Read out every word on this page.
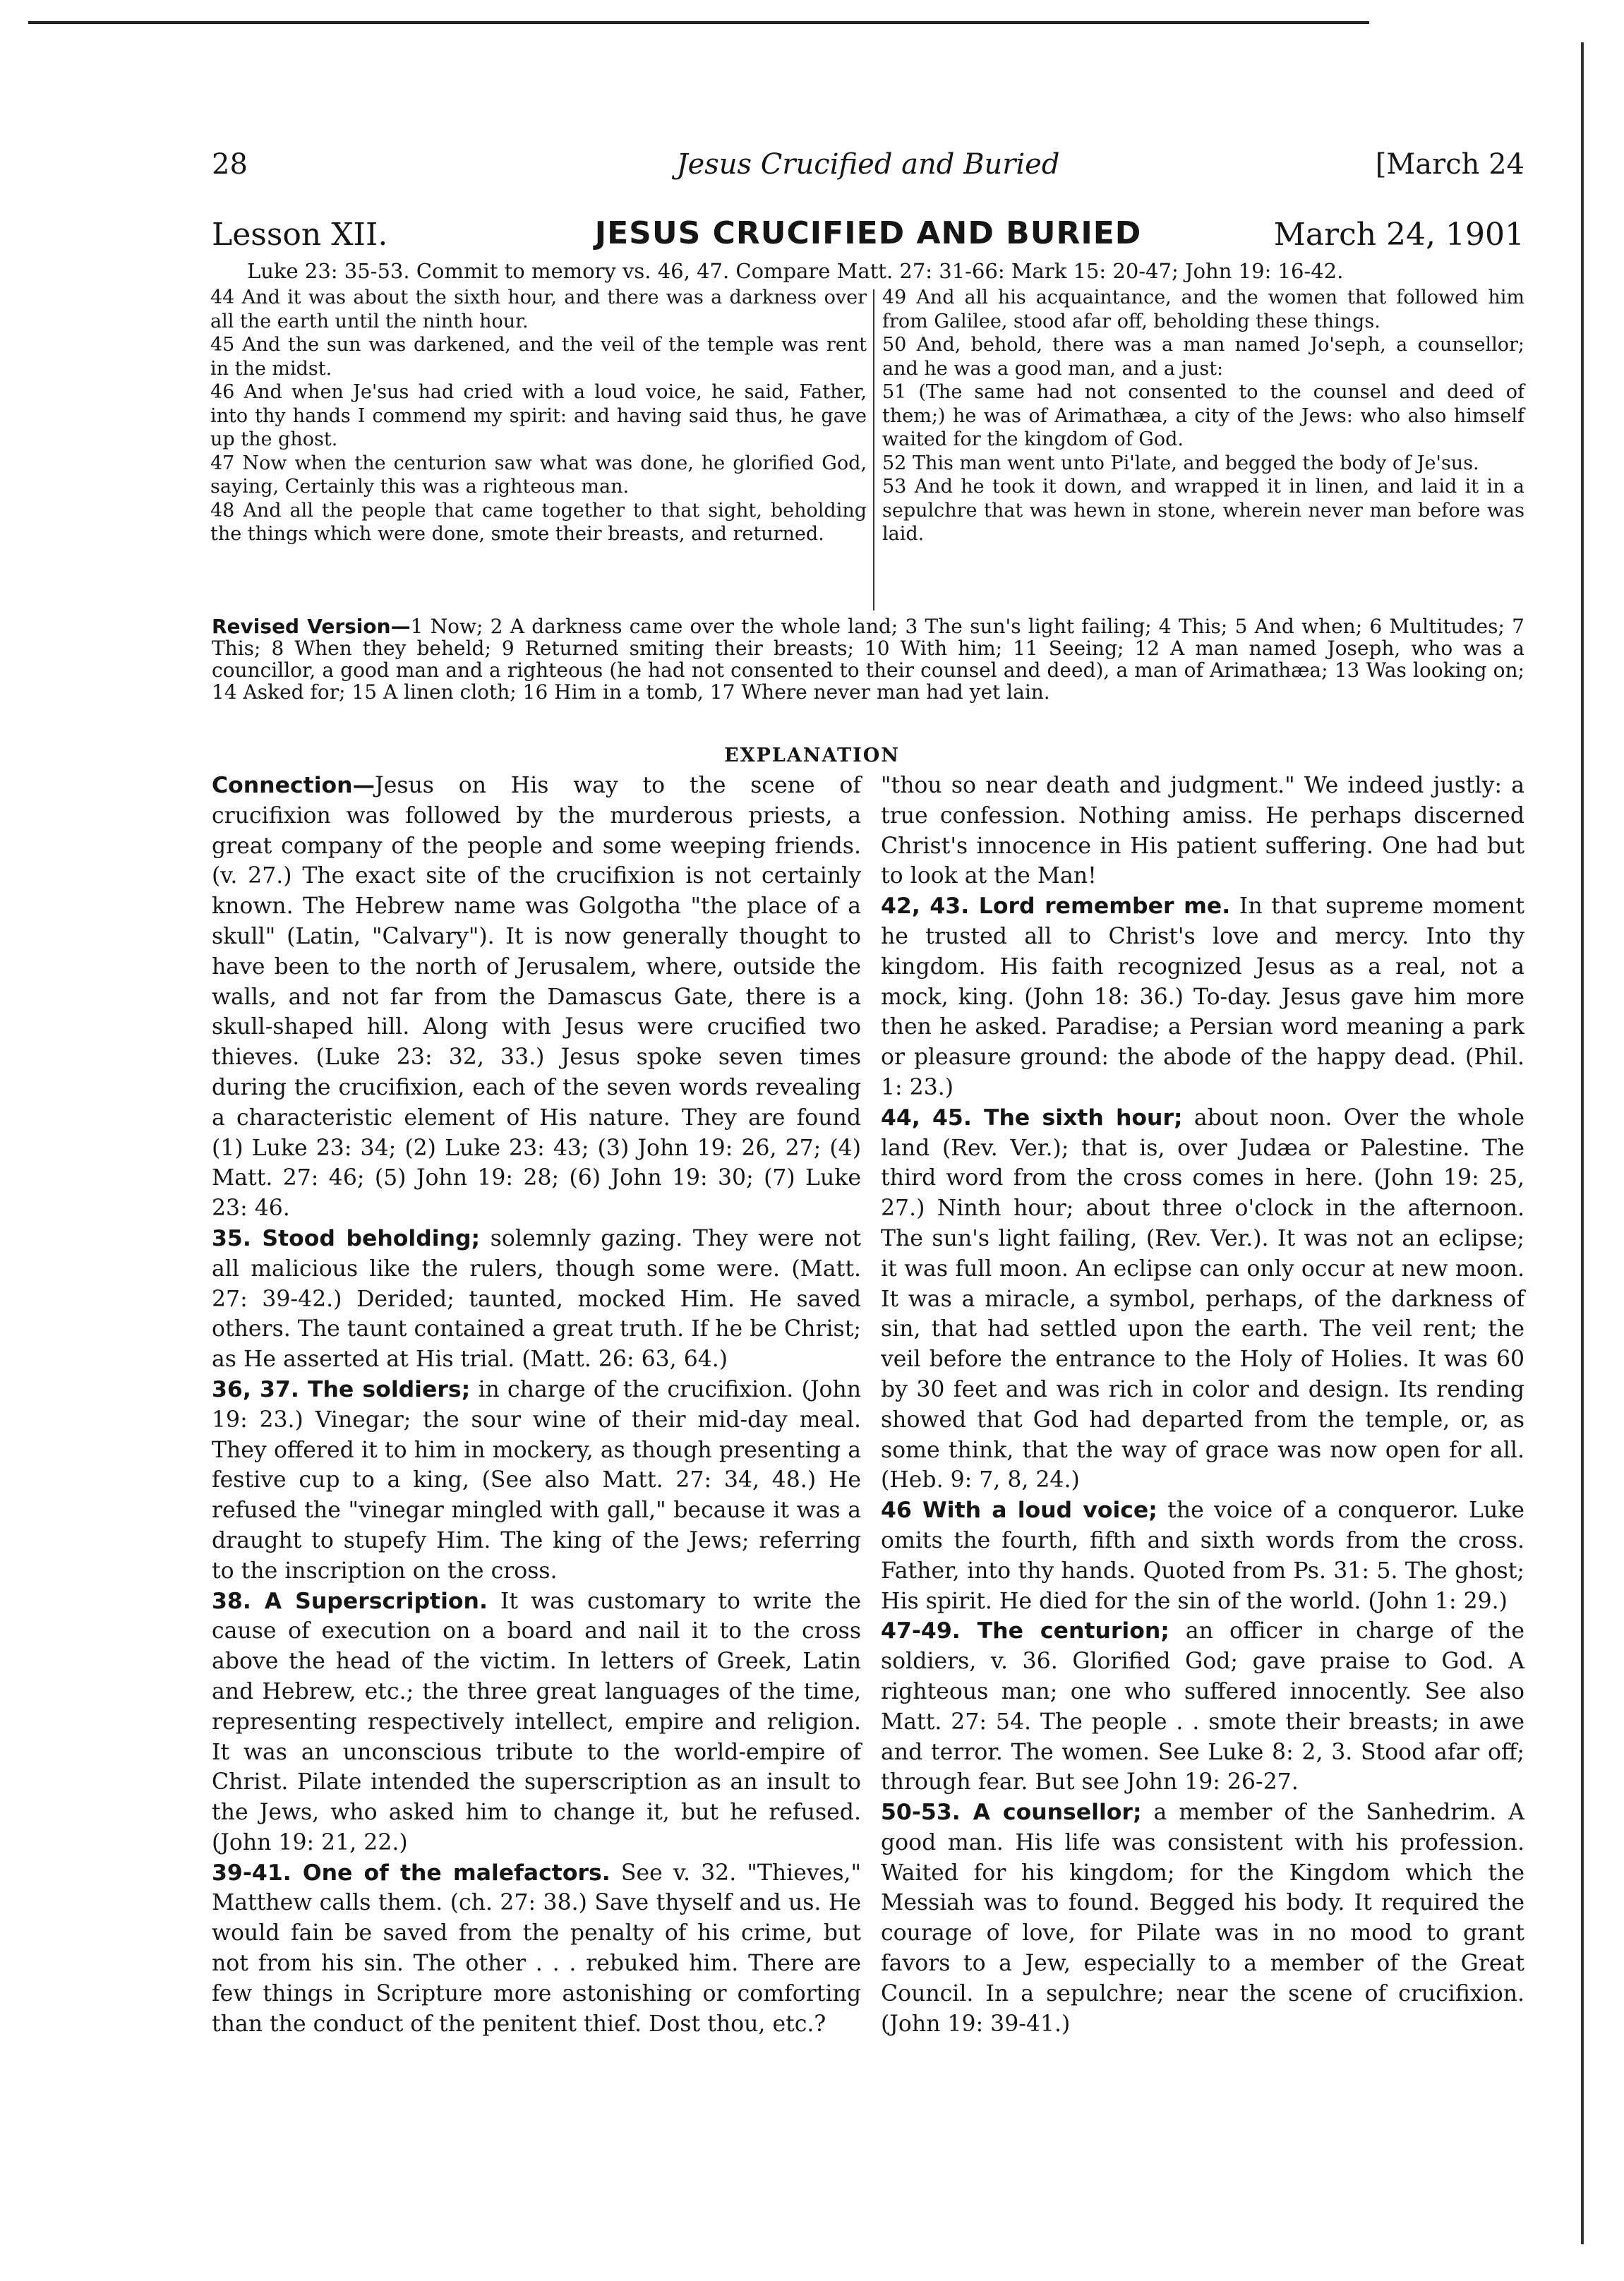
28	Jesus Crucified and Buried	[March 24
Lesson XII.	JESUS CRUCIFIED AND BURIED	March 24, 1901
Luke 23: 35-53. Commit to memory vs. 46, 47. Compare Matt. 27: 31-66: Mark 15: 20-47; John 19: 16-42.

44 And it was about the sixth hour, and there was a darkness over all the earth until the ninth hour.

45 And the sun was darkened, and the veil of the temple was rent in the midst.

46 And when Je'sus had cried with a loud voice, he said, Father, into thy hands I commend my spirit: and having said thus, he gave up the ghost.

47 Now when the centurion saw what was done, he glorified God, saying, Certainly this was a righteous man.

48 And all the people that came together to that sight, beholding the things which were done, smote their breasts, and returned.

49 And all his acquaintance, and the women that followed him from Galilee, stood afar off, beholding these things.

50 And, behold, there was a man named Jo'seph, a counsellor; and he was a good man, and a just:

51 (The same had not consented to the counsel and deed of them;) he was of Arimathæa, a city of the Jews: who also himself waited for the kingdom of God.

52 This man went unto Pi'late, and begged the body of Je'sus.

53 And he took it down, and wrapped it in linen, and laid it in a sepulchre that was hewn in stone, wherein never man before was laid.

Revised Version—1 Now; 2 A darkness came over the whole land; 3 The sun's light failing; 4 This; 5 And when; 6 Multitudes; 7 This; 8 When they beheld; 9 Returned smiting their breasts; 10 With him; 11 Seeing; 12 A man named Joseph, who was a councillor, a good man and a righteous (he had not consented to their counsel and deed), a man of Arimathæa; 13 Was looking on; 14 Asked for; 15 A linen cloth; 16 Him in a tomb, 17 Where never man had yet lain.
EXPLANATION

Connection—Jesus on His way to the scene of crucifixion was followed by the murderous priests, a great company of the people and some weeping friends. (v. 27.) The exact site of the crucifixion is not certainly known. The Hebrew name was Golgotha "the place of a skull" (Latin, "Calvary"). It is now generally thought to have been to the north of Jerusalem, where, outside the walls, and not far from the Damascus Gate, there is a skull-shaped hill. Along with Jesus were crucified two thieves. (Luke 23: 32, 33.) Jesus spoke seven times during the crucifixion, each of the seven words revealing a characteristic element of His nature. They are found (1) Luke 23: 34; (2) Luke 23: 43; (3) John 19: 26, 27; (4) Matt. 27: 46; (5) John 19: 28; (6) John 19: 30; (7) Luke 23: 46.

35. Stood beholding; solemnly gazing. They were not all malicious like the rulers, though some were. (Matt. 27: 39-42.) Derided; taunted, mocked Him. He saved others. The taunt contained a great truth. If he be Christ; as He asserted at His trial. (Matt. 26: 63, 64.)

36, 37. The soldiers; in charge of the crucifixion. (John 19: 23.) Vinegar; the sour wine of their mid-day meal. They offered it to him in mockery, as though presenting a festive cup to a king, (See also Matt. 27: 34, 48.) He refused the "vinegar mingled with gall," because it was a draught to stupefy Him. The king of the Jews; referring to the inscription on the cross.

38. A Superscription. It was customary to write the cause of execution on a board and nail it to the cross above the head of the victim. In letters of Greek, Latin and Hebrew, etc.; the three great languages of the time, representing respectively intellect, empire and religion. It was an unconscious tribute to the world-empire of Christ. Pilate intended the superscription as an insult to the Jews, who asked him to change it, but he refused. (John 19: 21, 22.)

39-41. One of the malefactors. See v. 32. "Thieves," Matthew calls them. (ch. 27: 38.) Save thyself and us. He would fain be saved from the penalty of his crime, but not from his sin. The other . . . rebuked him. There are few things in Scripture more astonishing or comforting than the conduct of the penitent thief. Dost thou, etc.?

"thou so near death and judgment." We indeed justly: a true confession. Nothing amiss. He perhaps discerned Christ's innocence in His patient suffering. One had but to look at the Man!

42, 43. Lord remember me. In that supreme moment he trusted all to Christ's love and mercy. Into thy kingdom. His faith recognized Jesus as a real, not a mock, king. (John 18: 36.) To-day. Jesus gave him more then he asked. Paradise; a Persian word meaning a park or pleasure ground: the abode of the happy dead. (Phil. 1: 23.)

44, 45. The sixth hour; about noon. Over the whole land (Rev. Ver.); that is, over Judæa or Palestine. The third word from the cross comes in here. (John 19: 25, 27.) Ninth hour; about three o'clock in the afternoon. The sun's light failing, (Rev. Ver.). It was not an eclipse; it was full moon. An eclipse can only occur at new moon. It was a miracle, a symbol, perhaps, of the darkness of sin, that had settled upon the earth. The veil rent; the veil before the entrance to the Holy of Holies. It was 60 by 30 feet and was rich in color and design. Its rending showed that God had departed from the temple, or, as some think, that the way of grace was now open for all. (Heb. 9: 7, 8, 24.)

46 With a loud voice; the voice of a conqueror. Luke omits the fourth, fifth and sixth words from the cross. Father, into thy hands. Quoted from Ps. 31: 5. The ghost; His spirit. He died for the sin of the world. (John 1: 29.)

47-49. The centurion; an officer in charge of the soldiers, v. 36. Glorified God; gave praise to God. A righteous man; one who suffered innocently. See also Matt. 27: 54. The people . . smote their breasts; in awe and terror. The women. See Luke 8: 2, 3. Stood afar off; through fear. But see John 19: 26-27.

50-53. A counsellor; a member of the Sanhedrim. A good man. His life was consistent with his profession. Waited for his kingdom; for the Kingdom which the Messiah was to found. Begged his body. It required the courage of love, for Pilate was in no mood to grant favors to a Jew, especially to a member of the Great Council. In a sepulchre; near the scene of crucifixion. (John 19: 39-41.)
